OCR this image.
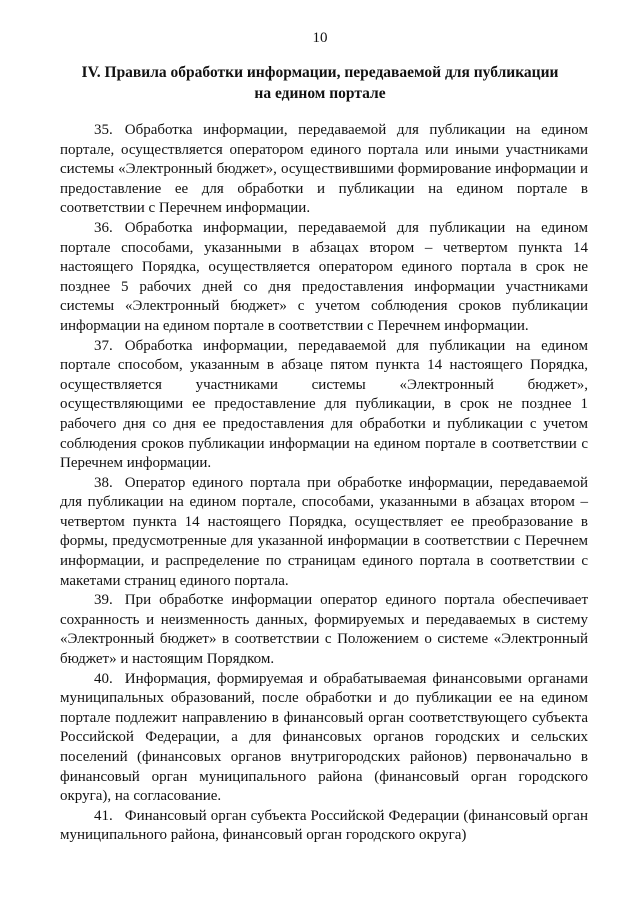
10
IV. Правила обработки информации, передаваемой для публикации на едином портале

35. Обработка информации, передаваемой для публикации на едином портале, осуществляется оператором единого портала или иными участниками системы «Электронный бюджет», осуществившими формирование информации и предоставление ее для обработки и публикации на едином портале в соответствии с Перечнем информации.

36. Обработка информации, передаваемой для публикации на едином портале способами, указанными в абзацах втором – четвертом пункта 14 настоящего Порядка, осуществляется оператором единого портала в срок не позднее 5 рабочих дней со дня предоставления информации участниками системы «Электронный бюджет» с учетом соблюдения сроков публикации информации на едином портале в соответствии с Перечнем информации.

37. Обработка информации, передаваемой для публикации на едином портале способом, указанным в абзаце пятом пункта 14 настоящего Порядка, осуществляется участниками системы «Электронный бюджет», осуществляющими ее предоставление для публикации, в срок не позднее 1 рабочего дня со дня ее предоставления для обработки и публикации с учетом соблюдения сроков публикации информации на едином портале в соответствии с Перечнем информации.

38. Оператор единого портала при обработке информации, передаваемой для публикации на едином портале, способами, указанными в абзацах втором – четвертом пункта 14 настоящего Порядка, осуществляет ее преобразование в формы, предусмотренные для указанной информации в соответствии с Перечнем информации, и распределение по страницам единого портала в соответствии с макетами страниц единого портала.

39. При обработке информации оператор единого портала обеспечивает сохранность и неизменность данных, формируемых и передаваемых в систему «Электронный бюджет» в соответствии с Положением о системе «Электронный бюджет» и настоящим Порядком.

40. Информация, формируемая и обрабатываемая финансовыми органами муниципальных образований, после обработки и до публикации ее на едином портале подлежит направлению в финансовый орган соответствующего субъекта Российской Федерации, а для финансовых органов городских и сельских поселений (финансовых органов внутригородских районов) первоначально в финансовый орган муниципального района (финансовый орган городского округа), на согласование.

41. Финансовый орган субъекта Российской Федерации (финансовый орган муниципального района, финансовый орган городского округа)
